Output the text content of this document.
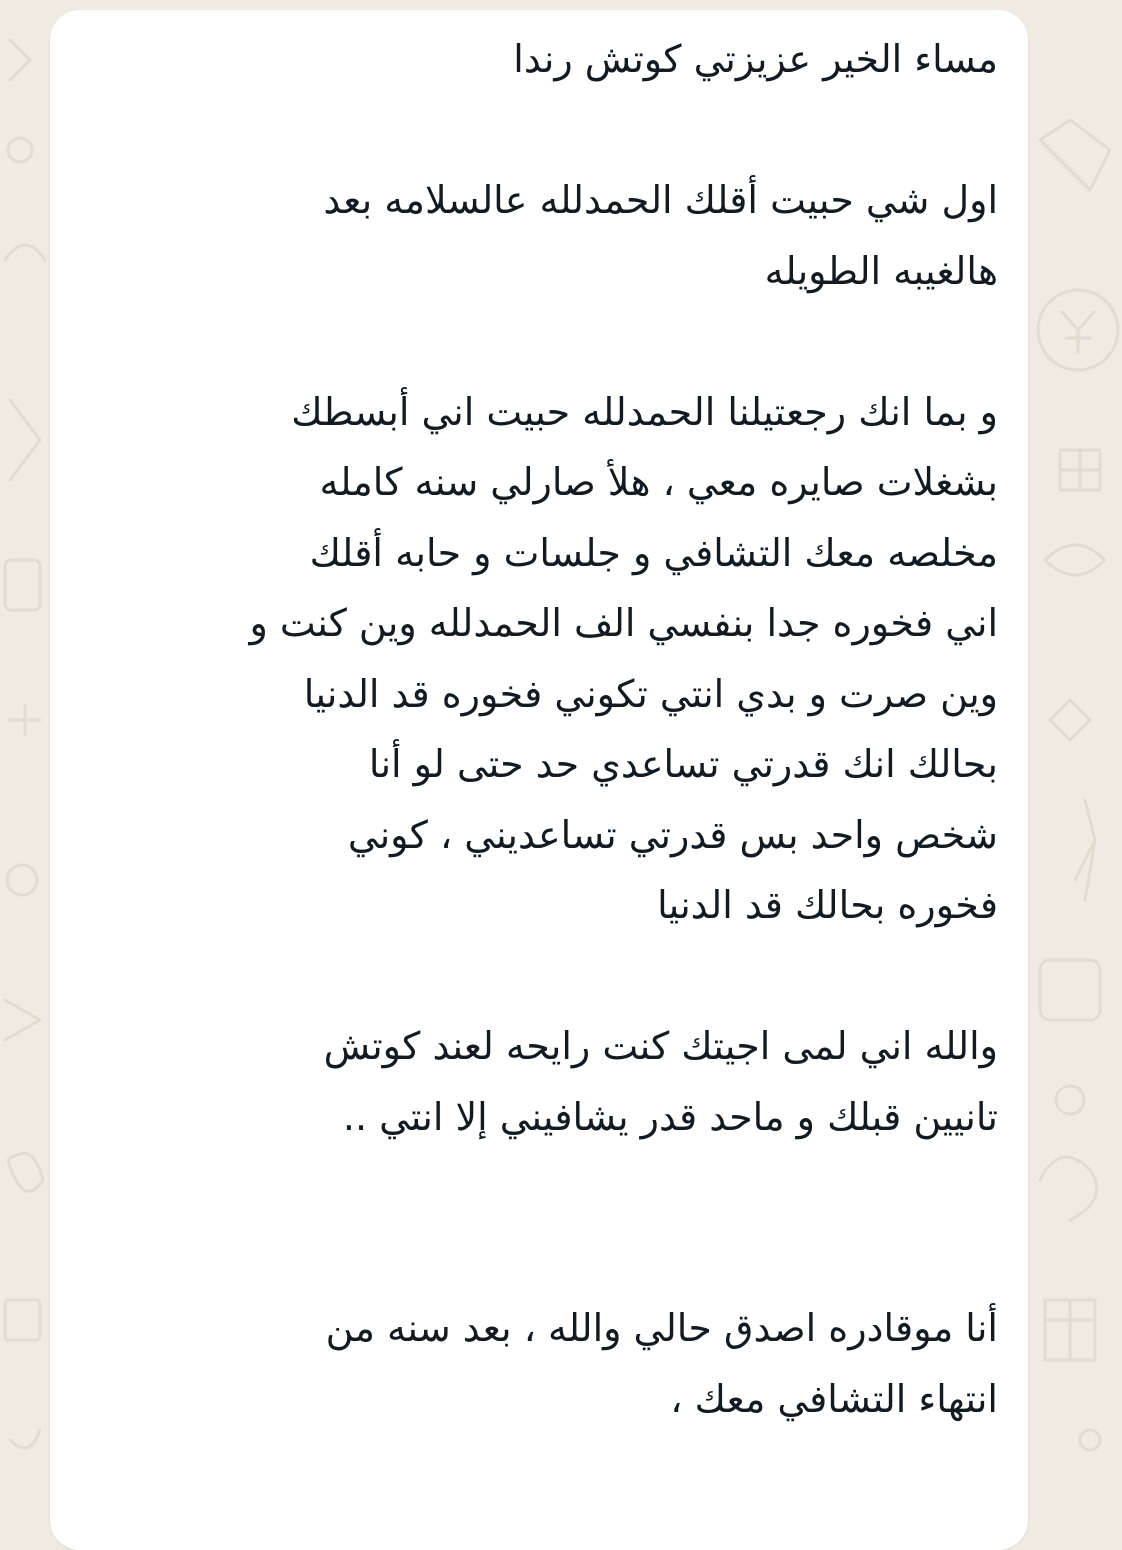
مساء الخير عزيزتي كوتش رندا

اول شي حبيت أقلك الحمدلله عالسلامه بعد

هالغيبه الطويله

و بما انك رجعتيلنا الحمدلله حبيت اني أبسطك

بشغلات صايره معي ، هلأ صارلي سنه كامله

مخلصه معك التشافي و جلسات و حابه أقلك

اني فخوره جدا بنفسي الف الحمدلله وين كنت و

وين صرت و بدي انتي تكوني فخوره قد الدنيا

بحالك انك قدرتي تساعدي حد حتى لو أنا

شخص واحد بس قدرتي تساعديني ، كوني

فخوره بحالك قد الدنيا

والله اني لمى اجيتك كنت رايحه لعند كوتش

تانيين قبلك و ماحد قدر يشافيني إلا انتي ..

أنا موقادره اصدق حالي والله ، بعد سنه من

انتهاء التشافي معك ،
